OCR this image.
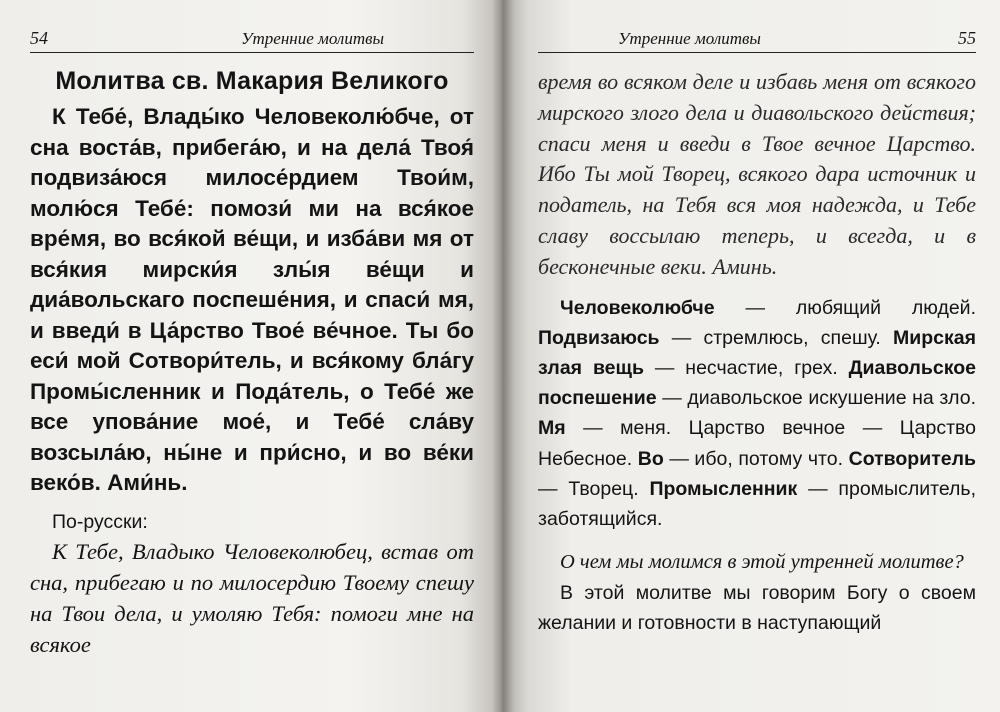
54	Утренние молитвы
Молитва св. Макария Великого

К Тебе́, Влады́ко Человеколю́бче, от сна воста́в, прибега́ю, и на дела́ Твоя́ подвиза́юся милосе́рдием Твои́м, молю́ся Тебе́: помози́ ми на вся́кое вре́мя, во вся́кой ве́щи, и изба́ви мя от вся́кия мирски́я злы́я ве́щи и диа́вольскаго поспеше́ния, и спаси́ мя, и введи́ в Ца́рство Твое́ ве́чное. Ты бо еси́ мой Сотвори́тель, и вся́кому бла́гу Промы́сленник и Пода́тель, о Тебе́ же все упова́ние мое́, и Тебе́ сла́ву возсыла́ю, ны́не и при́сно, и во ве́ки веко́в. Ами́нь.

По-русски:

К Тебе, Владыко Человеколюбец, встав от сна, прибегаю и по милосердию Твоему спешу на Твои дела, и умоляю Тебя: помоги мне на всякое

Утренние молитвы	55

время во всяком деле и избавь меня от всякого мирского злого дела и диавольского действия; спаси меня и введи в Твое вечное Царство. Ибо Ты мой Творец, всякого дара источник и податель, на Тебя вся моя надежда, и Тебе славу воссылаю теперь, и всегда, и в бесконечные веки. Аминь.

Человеколюбче — любящий людей. Подвизаюсь — стремлюсь, спешу. Мирская злая вещь — несчастие, грех. Диавольское поспешение — диавольское искушение на зло. Мя — меня. Царство вечное — Царство Небесное. Во — ибо, потому что. Сотворитель — Творец. Промысленник — промыслитель, заботящийся.

О чем мы молимся в этой утренней молитве?

В этой молитве мы говорим Богу о своем желании и готовности в наступающий
